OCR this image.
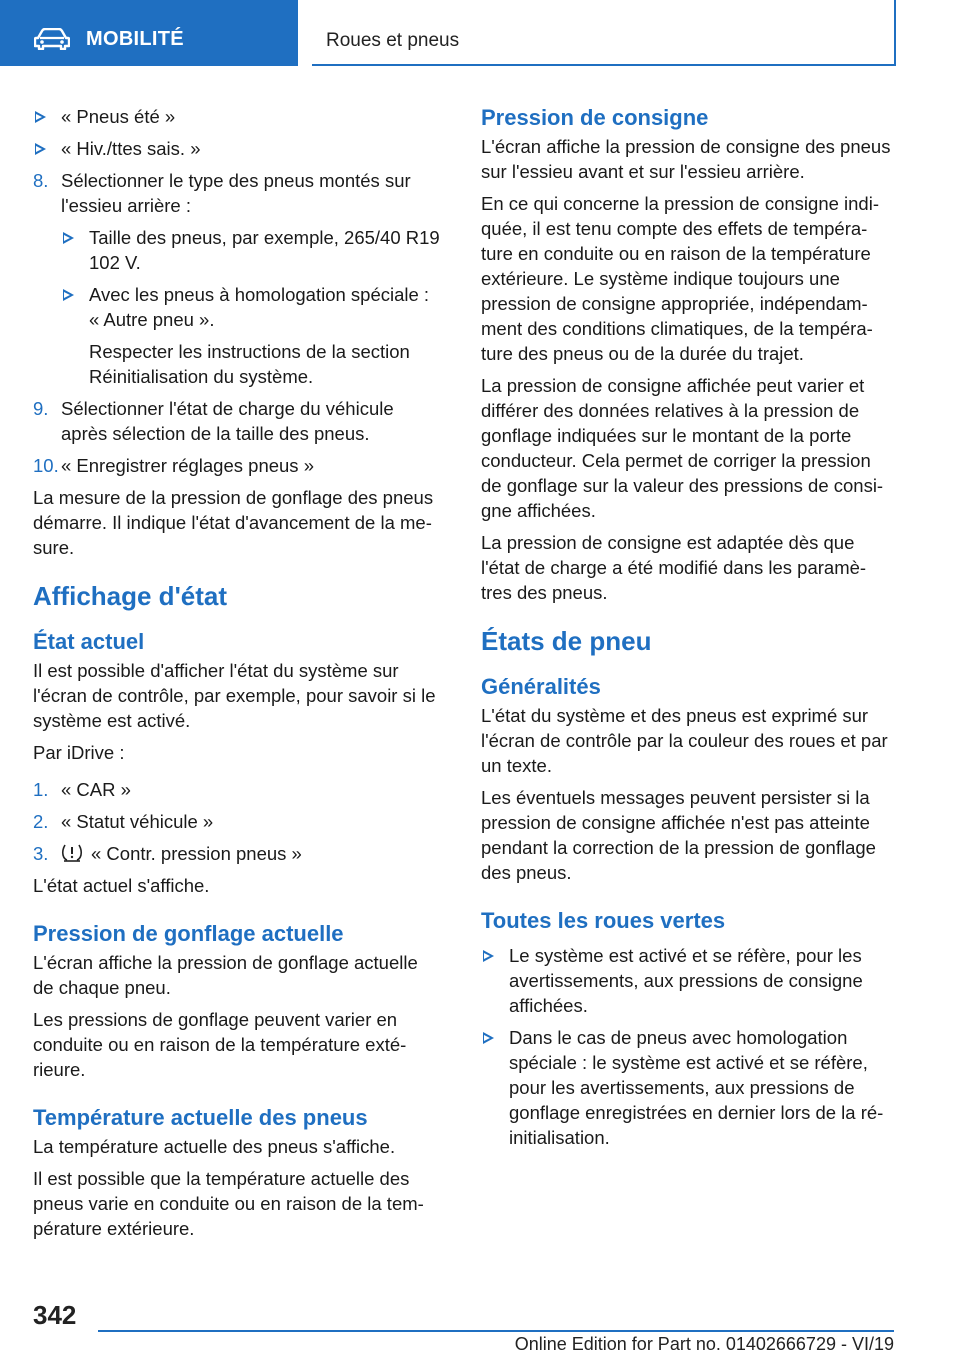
MOBILITÉ	Roues et pneus
« Pneus été »
« Hiv./ttes sais. »
8. Sélectionner le type des pneus montés sur l'essieu arrière :
Taille des pneus, par exemple, 265/40 R19 102 V.
Avec les pneus à homologation spéciale : « Autre pneu ».

Respecter les instructions de la section Réinitialisation du système.

9. Sélectionner l'état de charge du véhicule après sélection de la taille des pneus.
10. « Enregistrer réglages pneus »

La mesure de la pression de gonflage des pneus démarre. Il indique l'état d'avancement de la me‐ sure.

Affichage d'état
État actuel

Il est possible d'afficher l'état du système sur l'écran de contrôle, par exemple, pour savoir si le système est activé.

Par iDrive :

1. « CAR »
2. « Statut véhicule »
3. « Contr. pression pneus »

L'état actuel s'affiche.

Pression de gonflage actuelle

L'écran affiche la pression de gonflage actuelle de chaque pneu.

Les pressions de gonflage peuvent varier en conduite ou en raison de la température exté‐ rieure.

Température actuelle des pneus

La température actuelle des pneus s'affiche.

Il est possible que la température actuelle des pneus varie en conduite ou en raison de la tem‐ pérature extérieure.

Pression de consigne

L'écran affiche la pression de consigne des pneus sur l'essieu avant et sur l'essieu arrière.

En ce qui concerne la pression de consigne indi‐ quée, il est tenu compte des effets de tempéra‐ ture en conduite ou en raison de la température extérieure. Le système indique toujours une pression de consigne appropriée, indépendam‐ ment des conditions climatiques, de la tempéra‐ ture des pneus ou de la durée du trajet.

La pression de consigne affichée peut varier et différer des données relatives à la pression de gonflage indiquées sur le montant de la porte conducteur. Cela permet de corriger la pression de gonflage sur la valeur des pressions de consi‐ gne affichées.

La pression de consigne est adaptée dès que l'état de charge a été modifié dans les paramè‐ tres des pneus.

États de pneu
Généralités

L'état du système et des pneus est exprimé sur l'écran de contrôle par la couleur des roues et par un texte.

Les éventuels messages peuvent persister si la pression de consigne affichée n'est pas atteinte pendant la correction de la pression de gonflage des pneus.

Toutes les roues vertes
Le système est activé et se réfère, pour les avertissements, aux pressions de consigne affichées.
Dans le cas de pneus avec homologation spéciale : le système est activé et se réfère, pour les avertissements, aux pressions de gonflage enregistrées en dernier lors de la ré‐ initialisation.
342
Online Edition for Part no. 01402666729 - VI/19
